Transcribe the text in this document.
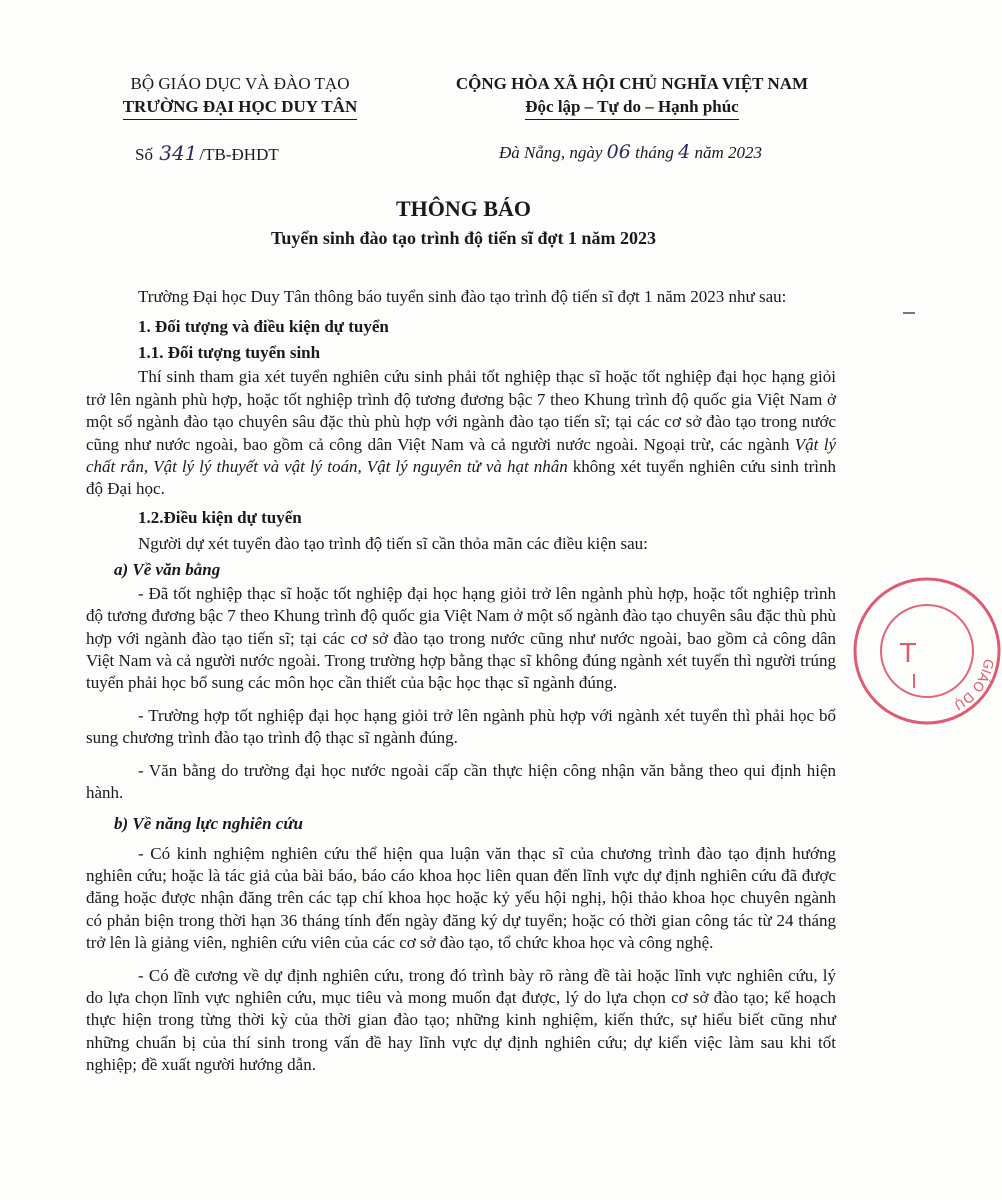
BỘ GIÁO DỤC VÀ ĐÀO TẠO
TRƯỜNG ĐẠI HỌC DUY TÂN
CỘNG HÒA XÃ HỘI CHỦ NGHĨA VIỆT NAM
Độc lập – Tự do – Hạnh phúc
Số 341 /TB-ĐHDT	Đà Nẵng, ngày 06 tháng 4 năm 2023
THÔNG BÁO
Tuyển sinh đào tạo trình độ tiến sĩ đợt 1 năm 2023

Trường Đại học Duy Tân thông báo tuyển sinh đào tạo trình độ tiến sĩ đợt 1 năm 2023 như sau:

1. Đối tượng và điều kiện dự tuyển

1.1. Đối tượng tuyển sinh

Thí sinh tham gia xét tuyển nghiên cứu sinh phải tốt nghiệp thạc sĩ hoặc tốt nghiệp đại học hạng giỏi trở lên ngành phù hợp, hoặc tốt nghiệp trình độ tương đương bậc 7 theo Khung trình độ quốc gia Việt Nam ở một số ngành đào tạo chuyên sâu đặc thù phù hợp với ngành đào tạo tiến sĩ; tại các cơ sở đào tạo trong nước cũng như nước ngoài, bao gồm cả công dân Việt Nam và cả người nước ngoài. Ngoại trừ, các ngành Vật lý chất rắn, Vật lý lý thuyết và vật lý toán, Vật lý nguyên tử và hạt nhân không xét tuyển nghiên cứu sinh trình độ Đại học.

1.2.Điều kiện dự tuyển

Người dự xét tuyển đào tạo trình độ tiến sĩ cần thỏa mãn các điều kiện sau:

a) Về văn bằng

- Đã tốt nghiệp thạc sĩ hoặc tốt nghiệp đại học hạng giỏi trở lên ngành phù hợp, hoặc tốt nghiệp trình độ tương đương bậc 7 theo Khung trình độ quốc gia Việt Nam ở một số ngành đào tạo chuyên sâu đặc thù phù hợp với ngành đào tạo tiến sĩ; tại các cơ sở đào tạo trong nước cũng như nước ngoài, bao gồm cả công dân Việt Nam và cả người nước ngoài. Trong trường hợp bằng thạc sĩ không đúng ngành xét tuyển thì người trúng tuyển phải học bổ sung các môn học cần thiết của bậc học thạc sĩ ngành đúng.

- Trường hợp tốt nghiệp đại học hạng giỏi trở lên ngành phù hợp với ngành xét tuyển thì phải học bổ sung chương trình đào tạo trình độ thạc sĩ ngành đúng.

- Văn bằng do trường đại học nước ngoài cấp cần thực hiện công nhận văn bằng theo qui định hiện hành.

b) Về năng lực nghiên cứu

- Có kinh nghiệm nghiên cứu thể hiện qua luận văn thạc sĩ của chương trình đào tạo định hướng nghiên cứu; hoặc là tác giả của bài báo, báo cáo khoa học liên quan đến lĩnh vực dự định nghiên cứu đã được đăng hoặc được nhận đăng trên các tạp chí khoa học hoặc kỷ yếu hội nghị, hội thảo khoa học chuyên ngành có phản biện trong thời hạn 36 tháng tính đến ngày đăng ký dự tuyển; hoặc có thời gian công tác từ 24 tháng trở lên là giảng viên, nghiên cứu viên của các cơ sở đào tạo, tổ chức khoa học và công nghệ.

- Có đề cương về dự định nghiên cứu, trong đó trình bày rõ ràng đề tài hoặc lĩnh vực nghiên cứu, lý do lựa chọn lĩnh vực nghiên cứu, mục tiêu và mong muốn đạt được, lý do lựa chọn cơ sở đào tạo; kế hoạch thực hiện trong từng thời kỳ của thời gian đào tạo; những kinh nghiệm, kiến thức, sự hiểu biết cũng như những chuẩn bị của thí sinh trong vấn đề hay lĩnh vực dự định nghiên cứu; dự kiến việc làm sau khi tốt nghiệp; đề xuất người hướng dẫn.

GIÁO DỤ
T
